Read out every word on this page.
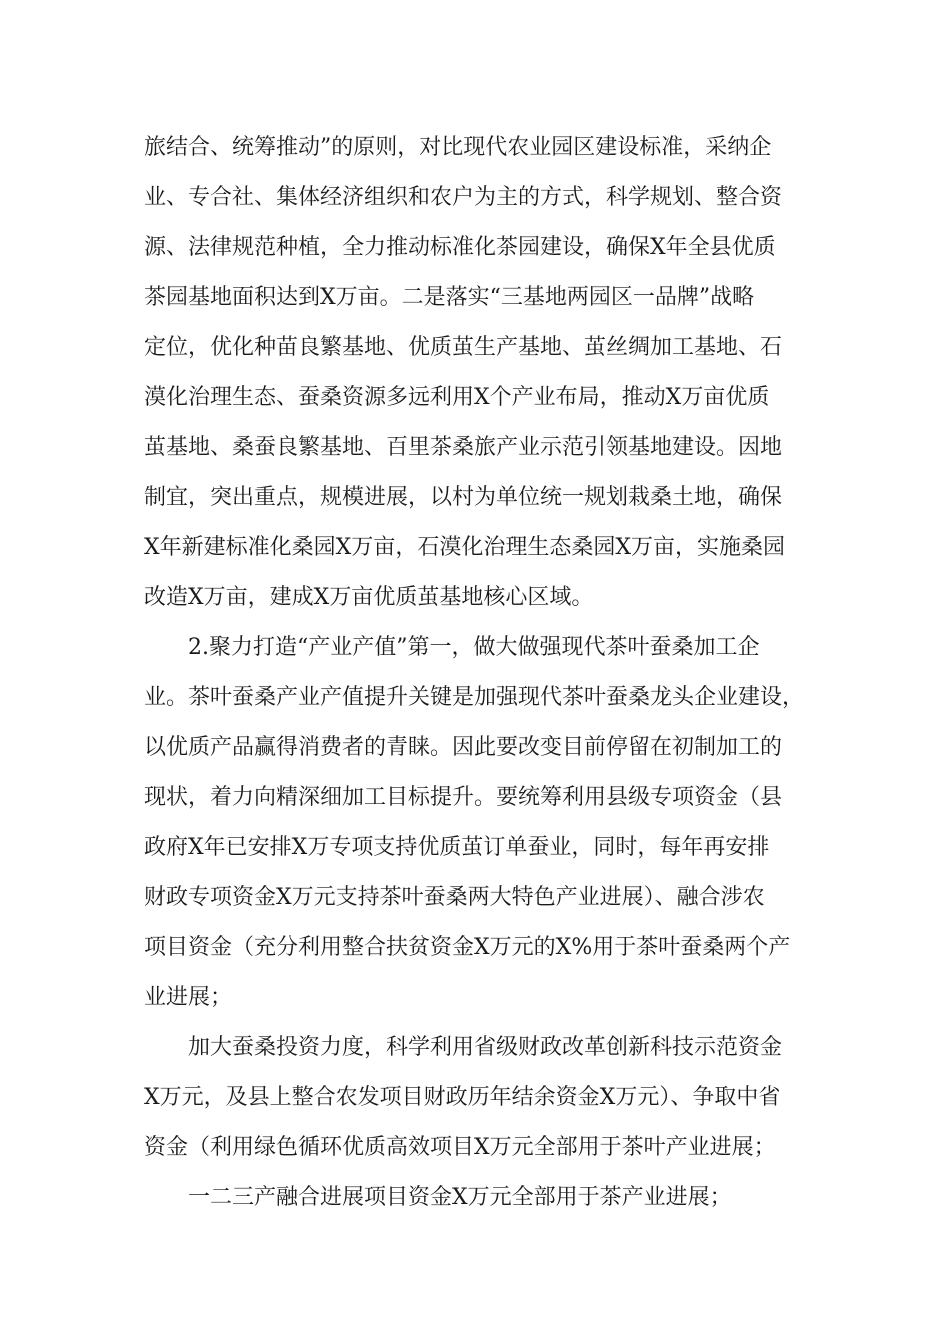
旅结合、统筹推动”的原则，对比现代农业园区建设标准，采纳企
业、专合社、集体经济组织和农户为主的方式，科学规划、整合资
源、法律规范种植，全力推动标准化茶园建设，确保X年全县优质
茶园基地面积达到X万亩。二是落实“三基地两园区一品牌”战略
定位，优化种苗良繁基地、优质茧生产基地、茧丝绸加工基地、石
漠化治理生态、蚕桑资源多远利用X个产业布局，推动X万亩优质
茧基地、桑蚕良繁基地、百里茶桑旅产业示范引领基地建设。因地
制宜，突出重点，规模进展，以村为单位统一规划栽桑土地，确保
X年新建标准化桑园X万亩，石漠化治理生态桑园X万亩，实施桑园
改造X万亩，建成X万亩优质茧基地核心区域。
2.聚力打造“产业产值”第一，做大做强现代茶叶蚕桑加工企
业。茶叶蚕桑产业产值提升关键是加强现代茶叶蚕桑龙头企业建设，
以优质产品赢得消费者的青睐。因此要改变目前停留在初制加工的
现状，着力向精深细加工目标提升。要统筹利用县级专项资金（县
政府X年已安排X万专项支持优质茧订单蚕业，同时，每年再安排
财政专项资金X万元支持茶叶蚕桑两大特色产业进展）、融合涉农
项目资金（充分利用整合扶贫资金X万元的X%用于茶叶蚕桑两个产
业进展；
加大蚕桑投资力度，科学利用省级财政改革创新科技示范资金
X万元，及县上整合农发项目财政历年结余资金X万元）、争取中省
资金（利用绿色循环优质高效项目X万元全部用于茶叶产业进展；
一二三产融合进展项目资金X万元全部用于茶产业进展；
